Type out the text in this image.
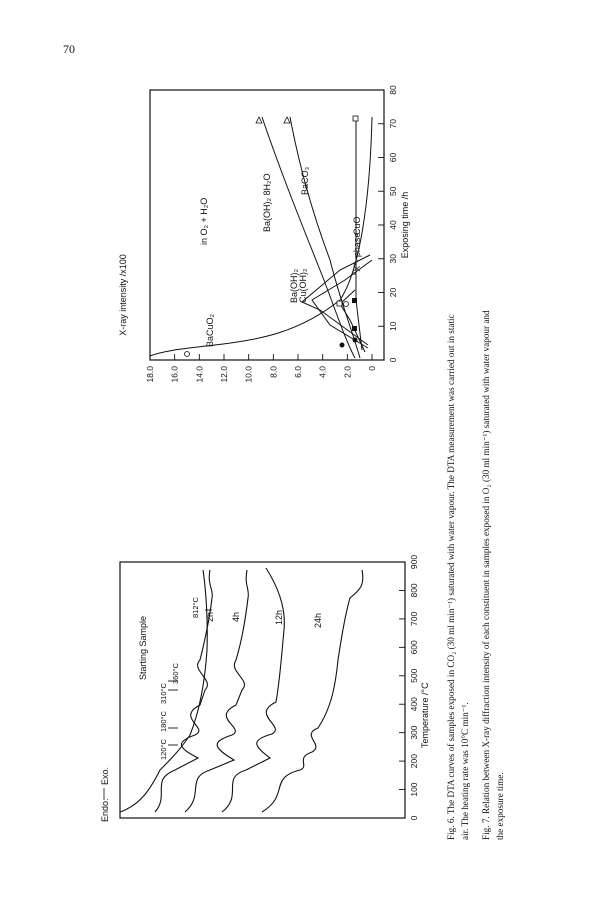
70
0
100
200
300
400
500
600
700
800
900
Starting Sample	2h 4h	12h	24h
120°C
180°C
310°C
360°C
812°C
Exo.
Endo.
Temperature /°C
18.0 16.0 14.0 12.0 10.0 8.0 6.0 4.0 2.0 0
0
10
20
30
40
50
60
70
80
BaCuO₂
Ba(OH)₂ 8H₂O	BaCO₃
Ba(OH)₂ Cu(OH)₂
"X"- phase
CuO
in O₂ + H₂O
X-ray intensity /x100
Exposing time /h
Fig. 6. The DTA curves of samples exposed in CO₂ (30 ml min⁻¹) saturated with water vapour. The DTA measurement was carried out in static air. The heating rate was 10°C min⁻¹. Fig. 7. Relation between X-ray diffraction intensity of each constituent in samples exposed in O₂ (30 ml min⁻¹) saturated with water vapour and the exposure time.
